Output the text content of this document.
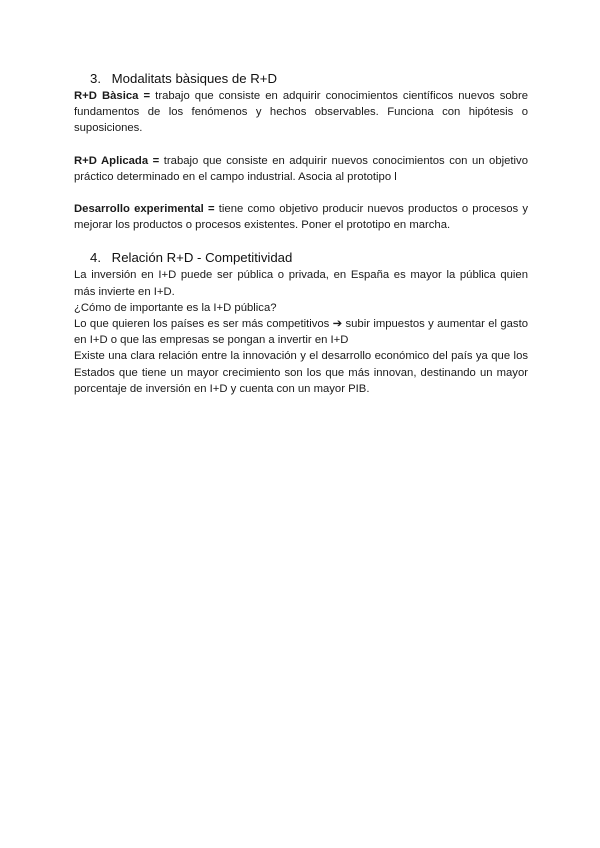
3. Modalitats bàsiques de R+D

R+D Bàsica = trabajo que consiste en adquirir conocimientos científicos nuevos sobre fundamentos de los fenómenos y hechos observables. Funciona con hipótesis o suposiciones.

R+D Aplicada = trabajo que consiste en adquirir nuevos conocimientos con un objetivo práctico determinado en el campo industrial. Asocia al prototipo l

Desarrollo experimental = tiene como objetivo producir nuevos productos o procesos y mejorar los productos o procesos existentes. Poner el prototipo en marcha.

4. Relación R+D - Competitividad

La inversión en I+D puede ser pública o privada, en España es mayor la pública quien más invierte en I+D.

¿Cómo de importante es la I+D pública?

Lo que quieren los países es ser más competitivos ➔ subir impuestos y aumentar el gasto en I+D o que las empresas se pongan a invertir en I+D

Existe una clara relación entre la innovación y el desarrollo económico del país ya que los Estados que tiene un mayor crecimiento son los que más innovan, destinando un mayor porcentaje de inversión en I+D y cuenta con un mayor PIB.
